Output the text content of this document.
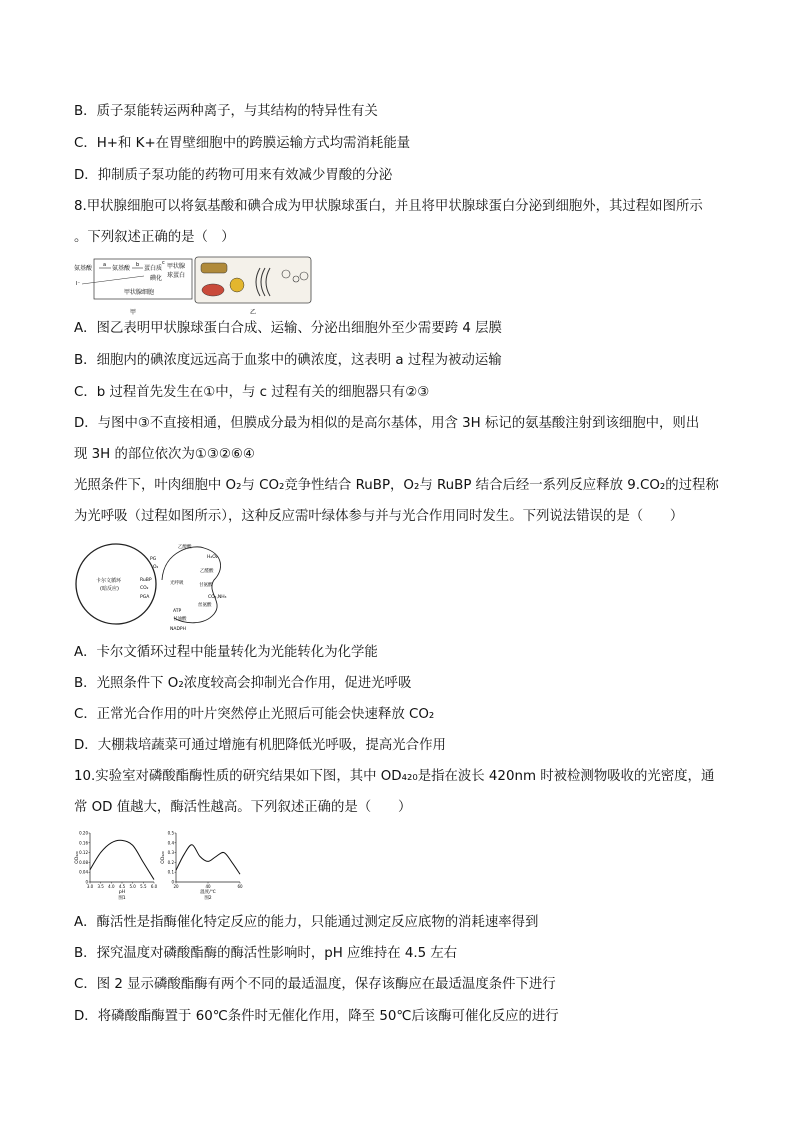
B．质子泵能转运两种离子，与其结构的特异性有关
C．H+和 K+在胃壁细胞中的跨膜运输方式均需消耗能量
D．抑制质子泵功能的药物可用来有效减少胃酸的分泌
8.甲状腺细胞可以将氨基酸和碘合成为甲状腺球蛋白，并且将甲状腺球蛋白分泌到细胞外，其过程如图所示
。下列叙述正确的是（　）
氨基酸	氨基酸 蛋白质
碘化
甲状腺
球蛋白
甲状腺细胞
a	b	c
I⁻
甲	乙
A．图乙表明甲状腺球蛋白合成、运输、分泌出细胞外至少需要跨 4 层膜
B．细胞内的碘浓度远远高于血浆中的碘浓度，这表明 a 过程为被动运输
C．b 过程首先发生在①中，与 c 过程有关的细胞器只有②③
D．与图中③不直接相通，但膜成分最为相似的是高尔基体，用含 3H 标记的氨基酸注射到该细胞中，则出
现 3H 的部位依次为①③②⑥④
光照条件下，叶肉细胞中 O₂与 CO₂竞争性结合 RuBP，O₂与 RuBP 结合后经一系列反应释放 9.CO₂的过程称
为光呼吸（过程如图所示），这种反应需叶绿体参与并与光合作用同时发生。下列说法错误的是（　　）
卡尔文循环
(暗反应)
PG
O₂
RuBP
CO₂
PGA
ATP
NADPH
甘油酸
乙醇酸
乙醛酸
甘氨酸
丝氨酸
光呼吸
H₂O₂
CO₂,NH₃
A．卡尔文循环过程中能量转化为光能转化为化学能
B．光照条件下 O₂浓度较高会抑制光合作用，促进光呼吸
C．正常光合作用的叶片突然停止光照后可能会快速释放 CO₂
D．大棚栽培蔬菜可通过增施有机肥降低光呼吸，提高光合作用
10.实验室对磷酸酯酶性质的研究结果如下图，其中 OD₄₂₀是指在波长 420nm 时被检测物吸收的光密度，通
常 OD 值越大，酶活性越高。下列叙述正确的是（　　）
0
0.04
0.08
0.12
0.16
0.20
3.0 3.5 4.0 4.5 5.0 5.5 6.0
OD₄₂₀
pH
图1
0
0.1
0.2
0.3
0.4
0.5
20	40	60
OD₄₂₀
温度/℃
图2
A．酶活性是指酶催化特定反应的能力，只能通过测定反应底物的消耗速率得到
B．探究温度对磷酸酯酶的酶活性影响时，pH 应维持在 4.5 左右
C．图 2 显示磷酸酯酶有两个不同的最适温度，保存该酶应在最适温度条件下进行
D．将磷酸酯酶置于 60℃条件时无催化作用，降至 50℃后该酶可催化反应的进行
